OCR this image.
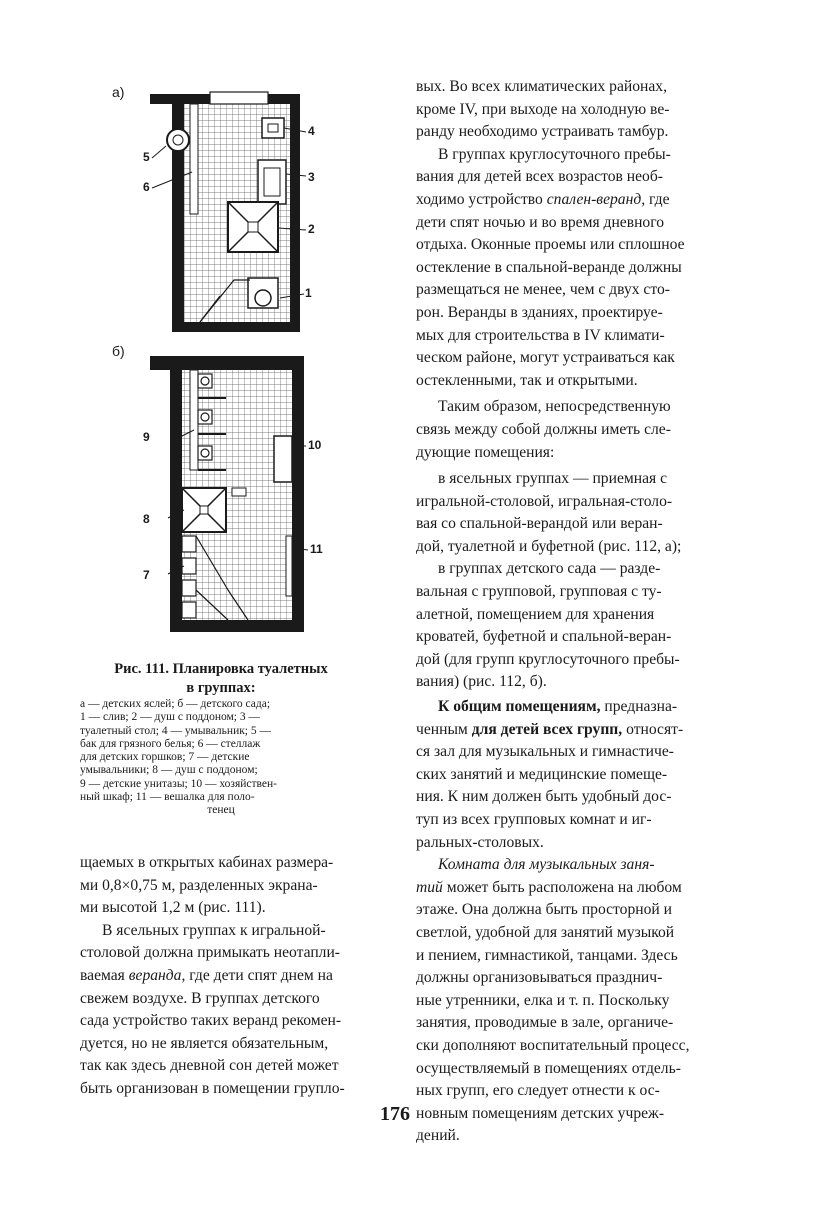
а)
б)
4
3
2
1
5
6
9
10
8
11
7
Рис. 111. Планировка туалетных
в группах:
а — детских яслей; б — детского сада;
1 — слив; 2 — душ с поддоном; 3 —
туалетный стол; 4 — умывальник; 5 —
бак для грязного белья; 6 — стеллаж
для детских горшков; 7 — детские
умывальники; 8 — душ с поддоном;
9 — детские унитазы; 10 — хозяйствен-
ный шкаф; 11 — вешалка для поло-
тенец
щаемых в открытых кабинах размера-
ми 0,8×0,75 м, разделенных экрана-
ми высотой 1,2 м (рис. 111).
В ясельных группах к игральной-
столовой должна примыкать неотапли-
ваемая веранда, где дети спят днем на
свежем воздухе. В группах детского
сада устройство таких веранд рекомен-
дуется, но не является обязательным,
так как здесь дневной сон детей может
быть организован в помещении групло-
вых. Во всех климатических районах,
кроме IV, при выходе на холодную ве-
ранду необходимо устраивать тамбур.
В группах круглосуточного пребы-
вания для детей всех возрастов необ-
ходимо устройство спален-веранд, где
дети спят ночью и во время дневного
отдыха. Оконные проемы или сплошное
остекление в спальной-веранде должны
размещаться не менее, чем с двух сто-
рон. Веранды в зданиях, проектируе-
мых для строительства в IV климати-
ческом районе, могут устраиваться как
остекленными, так и открытыми.
Таким образом, непосредственную
связь между собой должны иметь сле-
дующие помещения:
в ясельных группах — приемная с
игральной-столовой, игральная-столо-
вая со спальной-верандой или веран-
дой, туалетной и буфетной (рис. 112, а);
в группах детского сада — разде-
вальная с групповой, групповая с ту-
алетной, помещением для хранения
кроватей, буфетной и спальной-веран-
дой (для групп круглосуточного пребы-
вания) (рис. 112, б).
К общим помещениям, предназна-
ченным для детей всех групп, относят-
ся зал для музыкальных и гимнастиче-
ских занятий и медицинские помеще-
ния. К ним должен быть удобный дос-
туп из всех групповых комнат и иг-
ральных-столовых.
Комната для музыкальных заня-
тий может быть расположена на любом
этаже. Она должна быть просторной и
светлой, удобной для занятий музыкой
и пением, гимнастикой, танцами. Здесь
должны организовываться празднич-
ные утренники, елка и т. п. Поскольку
занятия, проводимые в зале, органиче-
ски дополняют воспитательный процесс,
осуществляемый в помещениях отдель-
ных групп, его следует отнести к ос-
новным помещениям детских учреж-
дений.
176
